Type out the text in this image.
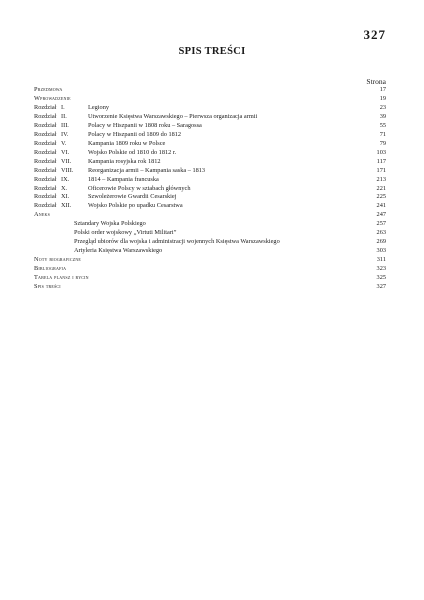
327
SPIS TREŚCI
Strona
Przedmowa	17
Wprowadzenie	19
Rozdział I.	Legiony	23
Rozdział II.	Utworzenie Księstwa Warszawskiego – Pierwsza organizacja armii	39
Rozdział III.	Polacy w Hiszpanii w 1808 roku – Saragossa	55
Rozdział IV.	Polacy w Hiszpanii od 1809 do 1812	71
Rozdział V.	Kampania 1809 roku w Polsce	79
Rozdział VI.	Wojsko Polskie od 1810 do 1812 r.	103
Rozdział VII.	Kampania rosyjska rok 1812	117
Rozdział VIII. Reorganizacja armii – Kampania saska – 1813	171
Rozdział IX.	1814 – Kampania francuska	213
Rozdział X.	Oficerowie Polscy w sztabach głównych	221
Rozdział XI.	Szwoleżerowie Gwardii Cesarskiej	225
Rozdział XII.	Wojsko Polskie po upadku Cesarstwa	241
Aneks	247
Sztandary Wojska Polskiego	257
Polski order wojskowy „Virtuti Militari”	263
Przegląd ubiorów dla wojska i administracji wojennych Księstwa Warszawskiego	269
Artyleria Księstwa Warszawskiego	303
Noty biograficzne	311
Bibliografia	323
Tabela plansz i rycin	325
Spis treści	327
